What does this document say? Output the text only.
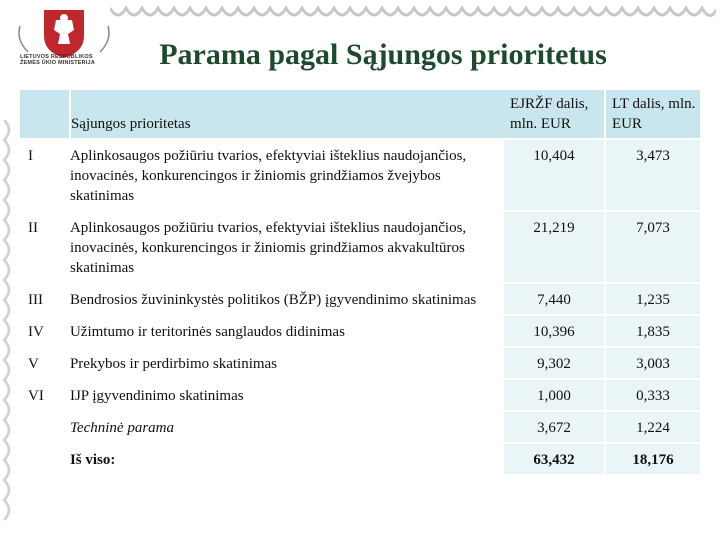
LIETUVOS RESPUBLIKOS
ŽEMĖS ŪKIO MINISTERIJA	Parama pagal Sąjungos prioritetus
	Sąjungos prioritetas	EJRŽF dalis, mln. EUR	LT dalis, mln. EUR
I	Aplinkosaugos požiūriu tvarios, efektyviai išteklius naudojančios, inovacinės, konkurencingos ir žiniomis grindžiamos žvejybos skatinimas	10,404	3,473
II	Aplinkosaugos požiūriu tvarios, efektyviai išteklius naudojančios, inovacinės, konkurencingos ir žiniomis grindžiamos akvakultūros skatinimas	21,219	7,073
III	Bendrosios žuvininkystės politikos (BŽP) įgyvendinimo skatinimas	7,440	1,235
IV	Užimtumo ir teritorinės sanglaudos didinimas	10,396	1,835
V	Prekybos ir perdirbimo skatinimas	9,302	3,003
VI	IJP įgyvendinimo skatinimas	1,000	0,333
	Techninė parama	3,672	1,224
	Iš viso:	63,432	18,176
